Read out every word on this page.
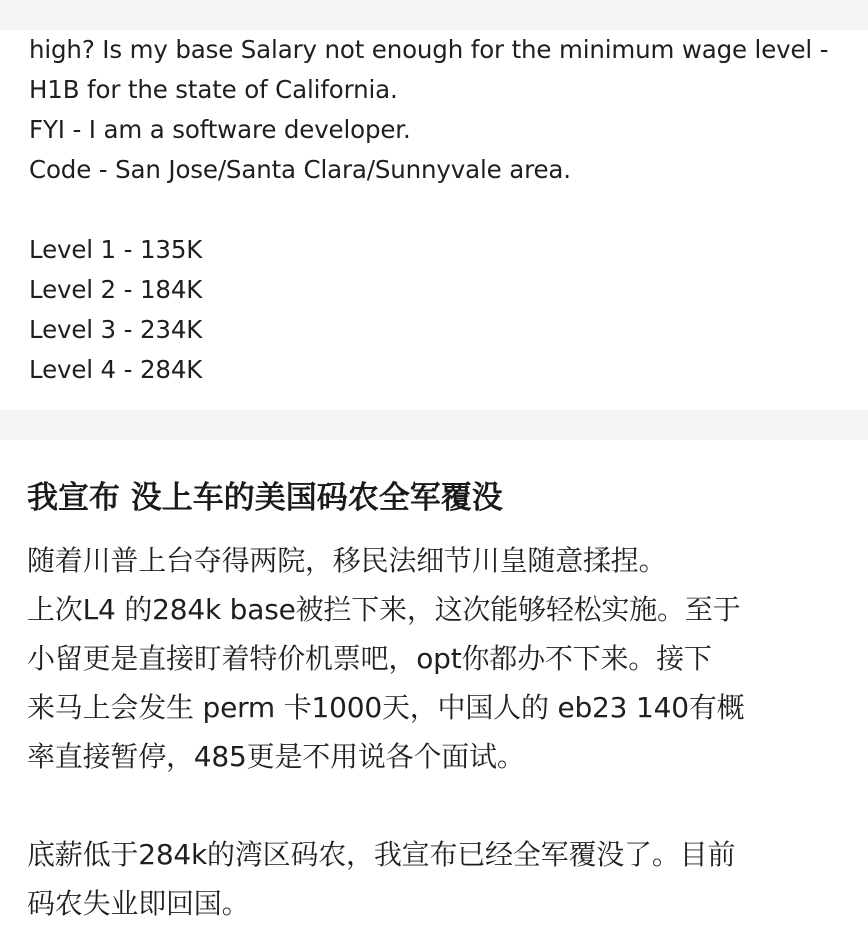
high? Is my base Salary not enough for the minimum wage level -
H1B for the state of California.
FYI - I am a software developer.
Code - San Jose/Santa Clara/Sunnyvale area.
Level 1 - 135K
Level 2 - 184K
Level 3 - 234K
Level 4 - 284K
我宣布 没上车的美国码农全军覆没
随着川普上台夺得两院，移民法细节川皇随意揉捏。
上次L4 的284k base被拦下来，这次能够轻松实施。至于
小留更是直接盯着特价机票吧，opt你都办不下来。接下
来马上会发生 perm 卡1000天，中国人的 eb23 140有概
率直接暂停，485更是不用说各个面试。
底薪低于284k的湾区码农，我宣布已经全军覆没了。目前
码农失业即回国。
